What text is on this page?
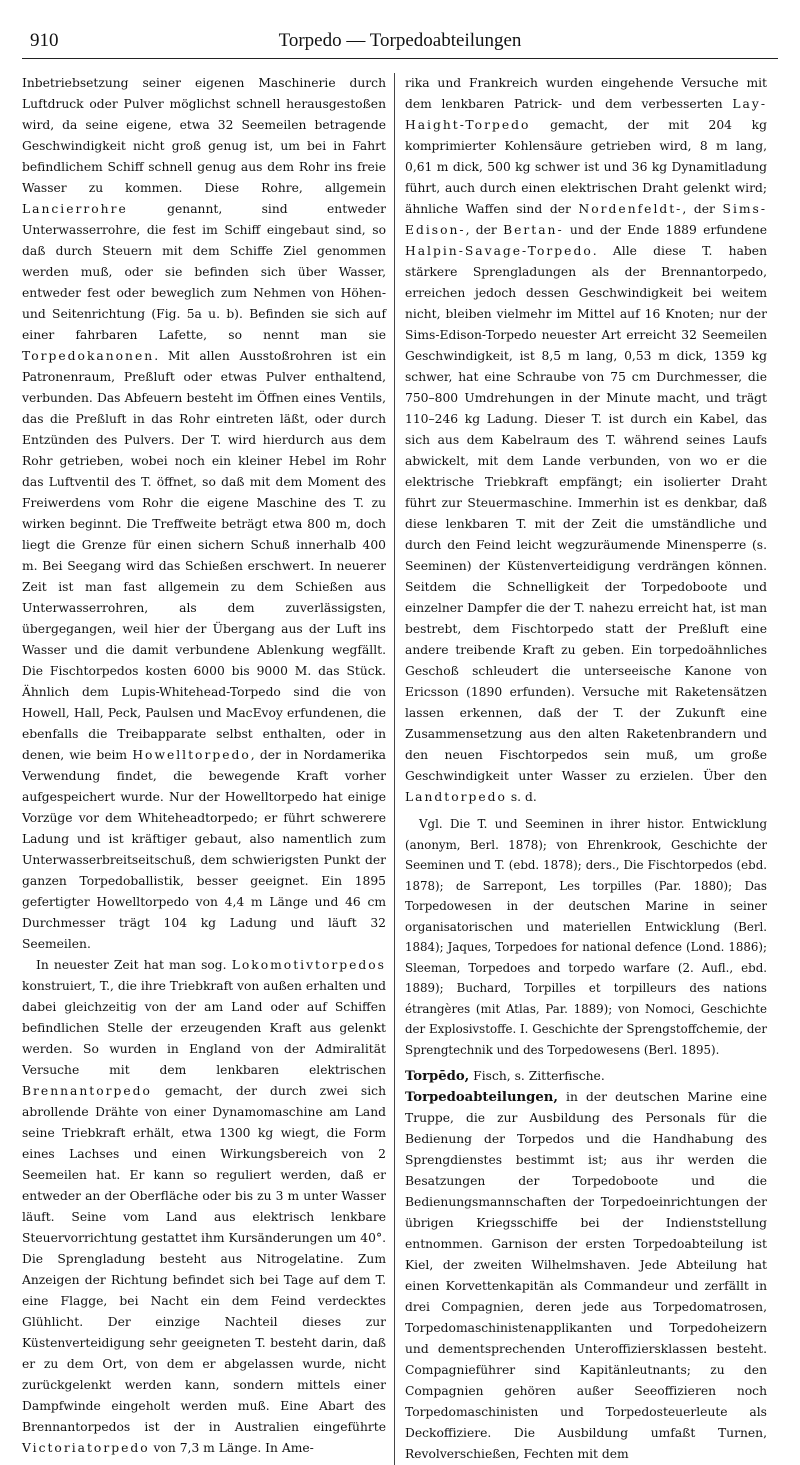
910	Torpedo — Torpedoabteilungen

Inbetriebsetzung seiner eigenen Maschinerie durch Luftdruck oder Pulver möglichst schnell herausgestoßen wird, da seine eigene, etwa 32 Seemeilen betragende Geschwindigkeit nicht groß genug ist, um bei in Fahrt befindlichem Schiff schnell genug aus dem Rohr ins freie Wasser zu kommen. Diese Rohre, allgemein Lancierrohre genannt, sind entweder Unterwasserrohre, die fest im Schiff eingebaut sind, so daß durch Steuern mit dem Schiffe Ziel genommen werden muß, oder sie befinden sich über Wasser, entweder fest oder beweglich zum Nehmen von Höhen- und Seitenrichtung (Fig. 5a u. b). Befinden sie sich auf einer fahrbaren Lafette, so nennt man sie Torpedokanonen. Mit allen Ausstoßrohren ist ein Patronenraum, Preßluft oder etwas Pulver enthaltend, verbunden. Das Abfeuern besteht im Öffnen eines Ventils, das die Preßluft in das Rohr eintreten läßt, oder durch Entzünden des Pulvers. Der T. wird hierdurch aus dem Rohr getrieben, wobei noch ein kleiner Hebel im Rohr das Luftventil des T. öffnet, so daß mit dem Moment des Freiwerdens vom Rohr die eigene Maschine des T. zu wirken beginnt. Die Treffweite beträgt etwa 800 m, doch liegt die Grenze für einen sichern Schuß innerhalb 400 m. Bei Seegang wird das Schießen erschwert. In neuerer Zeit ist man fast allgemein zu dem Schießen aus Unterwasserrohren, als dem zuverlässigsten, übergegangen, weil hier der Übergang aus der Luft ins Wasser und die damit verbundene Ablenkung wegfällt. Die Fischtorpedos kosten 6000 bis 9000 M. das Stück. Ähnlich dem Lupis-Whitehead-Torpedo sind die von Howell, Hall, Peck, Paulsen und MacEvoy erfundenen, die ebenfalls die Treibapparate selbst enthalten, oder in denen, wie beim Howelltorpedo, der in Nordamerika Verwendung findet, die bewegende Kraft vorher aufgespeichert wurde. Nur der Howelltorpedo hat einige Vorzüge vor dem Whiteheadtorpedo; er führt schwerere Ladung und ist kräftiger gebaut, also namentlich zum Unterwasserbreitseitschuß, dem schwierigsten Punkt der ganzen Torpedoballistik, besser geeignet. Ein 1895 gefertigter Howelltorpedo von 4,4 m Länge und 46 cm Durchmesser trägt 104 kg Ladung und läuft 32 Seemeilen.

In neuester Zeit hat man sog. Lokomotivtorpedos konstruiert, T., die ihre Triebkraft von außen erhalten und dabei gleichzeitig von der am Land oder auf Schiffen befindlichen Stelle der erzeugenden Kraft aus gelenkt werden. So wurden in England von der Admiralität Versuche mit dem lenkbaren elektrischen Brennantorpedo gemacht, der durch zwei sich abrollende Drähte von einer Dynamomaschine am Land seine Triebkraft erhält, etwa 1300 kg wiegt, die Form eines Lachses und einen Wirkungsbereich von 2 Seemeilen hat. Er kann so reguliert werden, daß er entweder an der Oberfläche oder bis zu 3 m unter Wasser läuft. Seine vom Land aus elektrisch lenkbare Steuervorrichtung gestattet ihm Kursänderungen um 40°. Die Sprengladung besteht aus Nitrogelatine. Zum Anzeigen der Richtung befindet sich bei Tage auf dem T. eine Flagge, bei Nacht ein dem Feind verdecktes Glühlicht. Der einzige Nachteil dieses zur Küstenverteidigung sehr geeigneten T. besteht darin, daß er zu dem Ort, von dem er abgelassen wurde, nicht zurückgelenkt werden kann, sondern mittels einer Dampfwinde eingeholt werden muß. Eine Abart des Brennantorpedos ist der in Australien eingeführte Victoriatorpedo von 7,3 m Länge. In Ame-

rika und Frankreich wurden eingehende Versuche mit dem lenkbaren Patrick- und dem verbesserten Lay-Haight-Torpedo gemacht, der mit 204 kg komprimierter Kohlensäure getrieben wird, 8 m lang, 0,61 m dick, 500 kg schwer ist und 36 kg Dynamitladung führt, auch durch einen elektrischen Draht gelenkt wird; ähnliche Waffen sind der Nordenfeldt-, der Sims-Edison-, der Bertan- und der Ende 1889 erfundene Halpin-Savage-Torpedo. Alle diese T. haben stärkere Sprengladungen als der Brennantorpedo, erreichen jedoch dessen Geschwindigkeit bei weitem nicht, bleiben vielmehr im Mittel auf 16 Knoten; nur der Sims-Edison-Torpedo neuester Art erreicht 32 Seemeilen Geschwindigkeit, ist 8,5 m lang, 0,53 m dick, 1359 kg schwer, hat eine Schraube von 75 cm Durchmesser, die 750–800 Umdrehungen in der Minute macht, und trägt 110–246 kg Ladung. Dieser T. ist durch ein Kabel, das sich aus dem Kabelraum des T. während seines Laufs abwickelt, mit dem Lande verbunden, von wo er die elektrische Triebkraft empfängt; ein isolierter Draht führt zur Steuermaschine. Immerhin ist es denkbar, daß diese lenkbaren T. mit der Zeit die umständliche und durch den Feind leicht wegzuräumende Minensperre (s. Seeminen) der Küstenverteidigung verdrängen können. Seitdem die Schnelligkeit der Torpedoboote und einzelner Dampfer die der T. nahezu erreicht hat, ist man bestrebt, dem Fischtorpedo statt der Preßluft eine andere treibende Kraft zu geben. Ein torpedoähnliches Geschoß schleudert die unterseeische Kanone von Ericsson (1890 erfunden). Versuche mit Raketensätzen lassen erkennen, daß der T. der Zukunft eine Zusammensetzung aus den alten Raketenbrandern und den neuen Fischtorpedos sein muß, um große Geschwindigkeit unter Wasser zu erzielen. Über den Landtorpedo s. d.

Vgl. Die T. und Seeminen in ihrer histor. Entwicklung (anonym, Berl. 1878); von Ehrenkrook, Geschichte der Seeminen und T. (ebd. 1878); ders., Die Fischtorpedos (ebd. 1878); de Sarrepont, Les torpilles (Par. 1880); Das Torpedowesen in der deutschen Marine in seiner organisatorischen und materiellen Entwicklung (Berl. 1884); Jaques, Torpedoes for national defence (Lond. 1886); Sleeman, Torpedoes and torpedo warfare (2. Aufl., ebd. 1889); Buchard, Torpilles et torpilleurs des nations étrangères (mit Atlas, Par. 1889); von Nomoci, Geschichte der Explosivstoffe. I. Geschichte der Sprengstoffchemie, der Sprengtechnik und des Torpedowesens (Berl. 1895).

Torpēdo, Fisch, s. Zitterfische.

Torpedoabteilungen, in der deutschen Marine eine Truppe, die zur Ausbildung des Personals für die Bedienung der Torpedos und die Handhabung des Sprengdienstes bestimmt ist; aus ihr werden die Besatzungen der Torpedoboote und die Bedienungsmannschaften der Torpedoeinrichtungen der übrigen Kriegsschiffe bei der Indienststellung entnommen. Garnison der ersten Torpedoabteilung ist Kiel, der zweiten Wilhelmshaven. Jede Abteilung hat einen Korvettenkapitän als Commandeur und zerfällt in drei Compagnien, deren jede aus Torpedomatrosen, Torpedomaschinistenapplikanten und Torpedoheizern und dementsprechenden Unteroffiziersklassen besteht. Compagnieführer sind Kapitänleutnants; zu den Compagnien gehören außer Seeoffizieren noch Torpedomaschinisten und Torpedosteuerleute als Deckoffiziere. Die Ausbildung umfaßt Turnen, Revolverschießen, Fechten mit dem
